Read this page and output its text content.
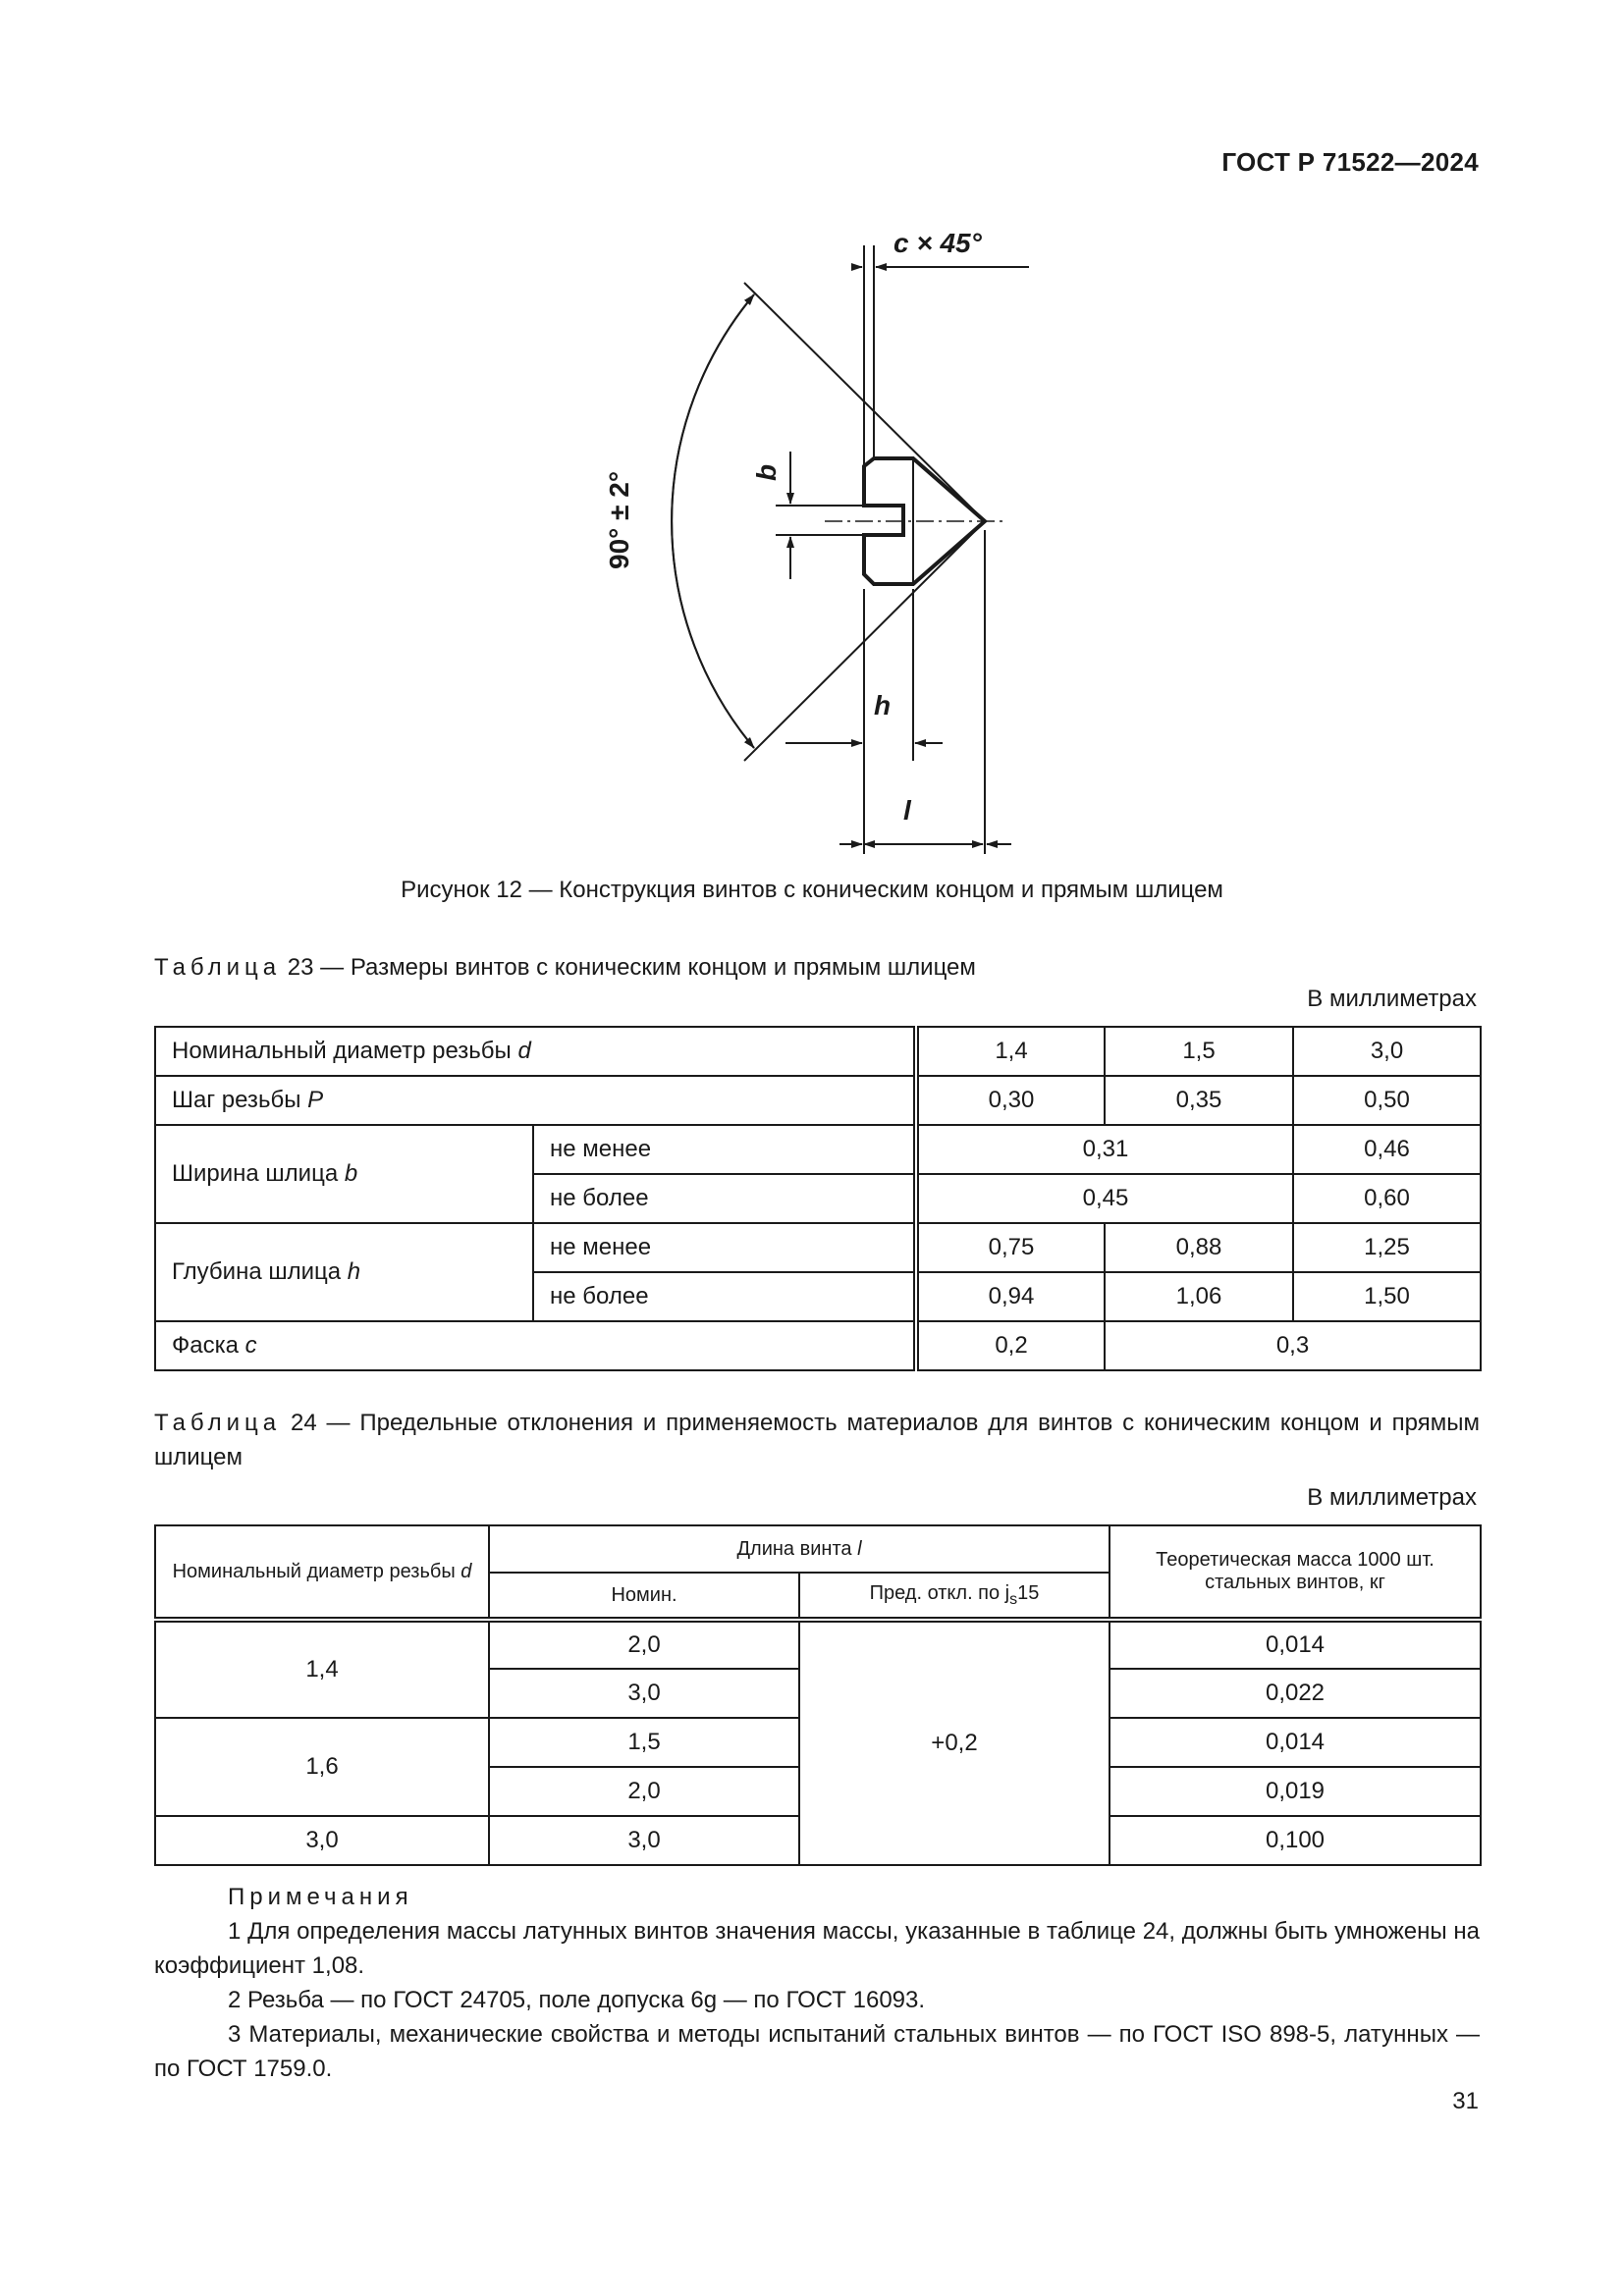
ГОСТ Р 71522—2024
c × 45°
90° ± 2°	b
h
l
Рисунок 12 — Конструкция винтов с коническим концом и прямым шлицем
Таблица 23 — Размеры винтов с коническим концом и прямым шлицем
В миллиметрах
Номинальный диаметр резьбы d		1,4	1,5	3,0
Шаг резьбы P		0,30	0,35	0,50
Ширина шлица b	не менее	0,31		0,46
	не более	0,45		0,60
Глубина шлица h	не менее	0,75	0,88	1,25
	не более	0,94	1,06	1,50
Фаска c		0,2	0,3	
Таблица 24 — Предельные отклонения и применяемость материалов для винтов с коническим концом и прямым шлицем
В миллиметрах
Номинальный диаметр резьбы d	Длина винта l		Теоретическая масса 1000 шт. стальных винтов, кг
	Номин.	Пред. откл. по $j_s15$	
1,4	2,0	+0,2	0,014
	3,0		0,022
1,6	1,5		0,014
	2,0		0,019
3,0	3,0		0,100

Примечания

1 Для определения массы латунных винтов значения массы, указанные в таблице 24, должны быть умножены на коэффициент 1,08.

2 Резьба — по ГОСТ 24705, поле допуска 6g — по ГОСТ 16093.

3 Материалы, механические свойства и методы испытаний стальных винтов — по ГОСТ ISO 898-5, латунных — по ГОСТ 1759.0.

31
